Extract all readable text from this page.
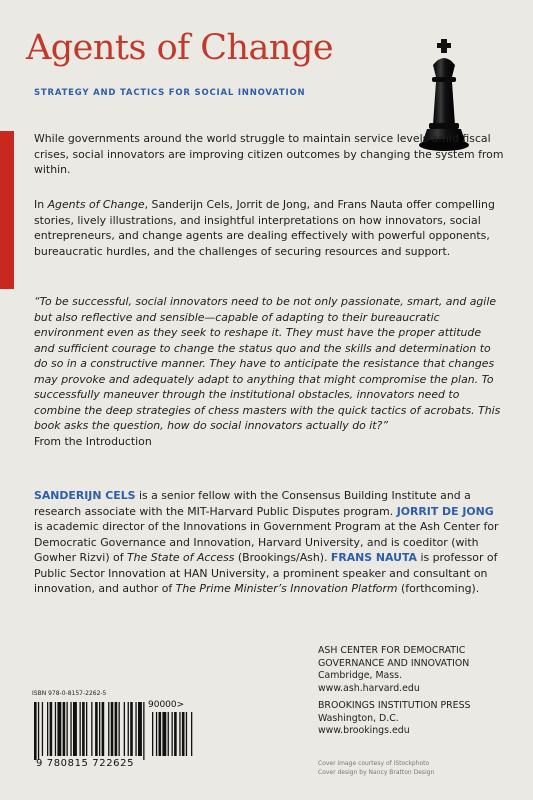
Agents of Change
STRATEGY AND TACTICS FOR SOCIAL INNOVATION
While governments around the world struggle to maintain service levels amid fiscal crises, social innovators are improving citizen outcomes by changing the system from within.
In Agents of Change, Sanderijn Cels, Jorrit de Jong, and Frans Nauta offer compelling stories, lively illustrations, and insightful interpretations on how innovators, social entrepreneurs, and change agents are dealing effectively with powerful opponents, bureaucratic hurdles, and the challenges of securing resources and support.
“To be successful, social innovators need to be not only passionate, smart, and agile but also reflective and sensible—capable of adapting to their bureaucratic environment even as they seek to reshape it. They must have the proper attitude and sufficient courage to change the status quo and the skills and determination to do so in a constructive manner. They have to anticipate the resistance that changes may provoke and adequately adapt to anything that might compromise the plan. To successfully maneuver through the institutional obstacles, innovators need to combine the deep strategies of chess masters with the quick tactics of acrobats. This book asks the question, how do social innovators actually do it?”
From the Introduction
SANDERIJN CELS is a senior fellow with the Consensus Building Institute and a research associate with the MIT-Harvard Public Disputes program. JORRIT DE JONG is academic director of the Innovations in Government Program at the Ash Center for Democratic Governance and Innovation, Harvard University, and is coeditor (with Gowher Rizvi) of The State of Access (Brookings/Ash). FRANS NAUTA is professor of Public Sector Innovation at HAN University, a prominent speaker and consultant on innovation, and author of The Prime Minister’s Innovation Platform (forthcoming).
ASH CENTER FOR DEMOCRATIC
GOVERNANCE AND INNOVATION
Cambridge, Mass.
www.ash.harvard.edu
BROOKINGS INSTITUTION PRESS
Washington, D.C.
www.brookings.edu
Cover image courtesy of iStockphoto
Cover design by Nancy Bratton Design
ISBN 978-0-8157-2262-5
9 780815 722625
90000>
